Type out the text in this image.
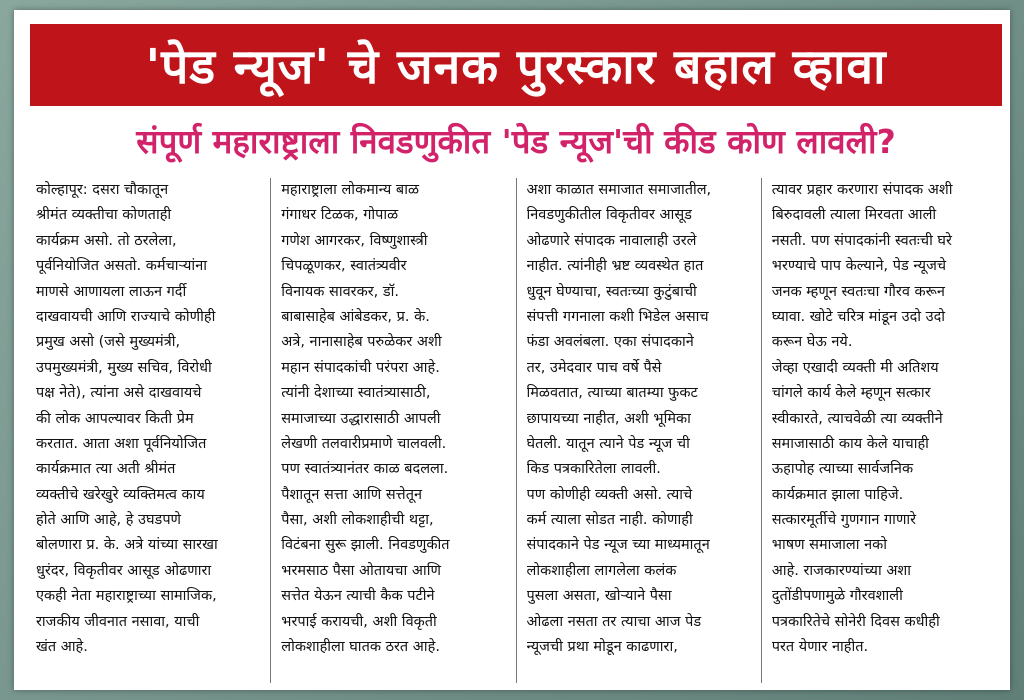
'पेड न्यूज' चे जनक पुरस्कार बहाल व्हावा
संपूर्ण महाराष्ट्राला निवडणुकीत 'पेड न्यूज'ची कीड कोण लावली?
कोल्हापूर: दसरा चौकातून
श्रीमंत व्यक्तीचा कोणताही
कार्यक्रम असो. तो ठरलेला,
पूर्वनियोजित असतो. कर्मचाऱ्यांना
माणसे आणायला लाऊन गर्दी
दाखवायची आणि राज्याचे कोणीही
प्रमुख असो (जसे मुख्यमंत्री,
उपमुख्यमंत्री, मुख्य सचिव, विरोधी
पक्ष नेते), त्यांना असे दाखवायचे
की लोक आपल्यावर किती प्रेम
करतात. आता अशा पूर्वनियोजित
कार्यक्रमात त्या अती श्रीमंत
व्यक्तीचे खरेखुरे व्यक्तिमत्व काय
होते आणि आहे, हे उघडपणे
बोलणारा प्र. के. अत्रे यांच्या सारखा
धुरंदर, विकृतीवर आसूड ओढणारा
एकही नेता महाराष्ट्राच्या सामाजिक,
राजकीय जीवनात नसावा, याची
खंत आहे.
महाराष्ट्राला लोकमान्य बाळ
गंगाधर टिळक, गोपाळ
गणेश आगरकर, विष्णुशास्त्री
चिपळूणकर, स्वातंत्र्यवीर
विनायक सावरकर, डॉ.
बाबासाहेब आंबेडकर, प्र. के.
अत्रे, नानासाहेब परुळेकर अशी
महान संपादकांची परंपरा आहे.
त्यांनी देशाच्या स्वातंत्र्यासाठी,
समाजाच्या उद्धारासाठी आपली
लेखणी तलवारीप्रमाणे चालवली.
पण स्वातंत्र्यानंतर काळ बदलला.
पैशातून सत्ता आणि सत्तेतून
पैसा, अशी लोकशाहीची थट्टा,
विटंबना सुरू झाली. निवडणुकीत
भरमसाठ पैसा ओतायचा आणि
सत्तेत येऊन त्याची कैक पटीने
भरपाई करायची, अशी विकृती
लोकशाहीला घातक ठरत आहे.
अशा काळात समाजात समाजातील,
निवडणुकीतील विकृतीवर आसूड
ओढणारे संपादक नावालाही उरले
नाहीत. त्यांनीही भ्रष्ट व्यवस्थेत हात
धुवून घेण्याचा, स्वतःच्या कुटुंबाची
संपत्ती गगनाला कशी भिडेल असाच
फंडा अवलंबला. एका संपादकाने
तर, उमेदवार पाच वर्षे पैसे
मिळवतात, त्याच्या बातम्या फुकट
छापायच्या नाहीत, अशी भूमिका
घेतली. यातून त्याने पेड न्यूज ची
किड पत्रकारितेला लावली.
पण कोणीही व्यक्ती असो. त्याचे
कर्म त्याला सोडत नाही. कोणाही
संपादकाने पेड न्यूज च्या माध्यमातून
लोकशाहीला लागलेला कलंक
पुसला असता, खोऱ्याने पैसा
ओढला नसता तर त्याचा आज पेड
न्यूजची प्रथा मोडून काढणारा,
त्यावर प्रहार करणारा संपादक अशी
बिरुदावली त्याला मिरवता आली
नसती. पण संपादकांनी स्वतःची घरे
भरण्याचे पाप केल्याने, पेड न्यूजचे
जनक म्हणून स्वतःचा गौरव करून
घ्यावा. खोटे चरित्र मांडून उदो उदो
करून घेऊ नये.
जेव्हा एखादी व्यक्ती मी अतिशय
चांगले कार्य केले म्हणून सत्कार
स्वीकारते, त्याचवेळी त्या व्यक्तीने
समाजासाठी काय केले याचाही
ऊहापोह त्याच्या सार्वजनिक
कार्यक्रमात झाला पाहिजे.
सत्कारमूर्तीचे गुणगान गाणारे
भाषण समाजाला नको
आहे. राजकारण्यांच्या अशा
दुतोंडीपणामुळे गौरवशाली
पत्रकारितेचे सोनेरी दिवस कधीही
परत येणार नाहीत.
